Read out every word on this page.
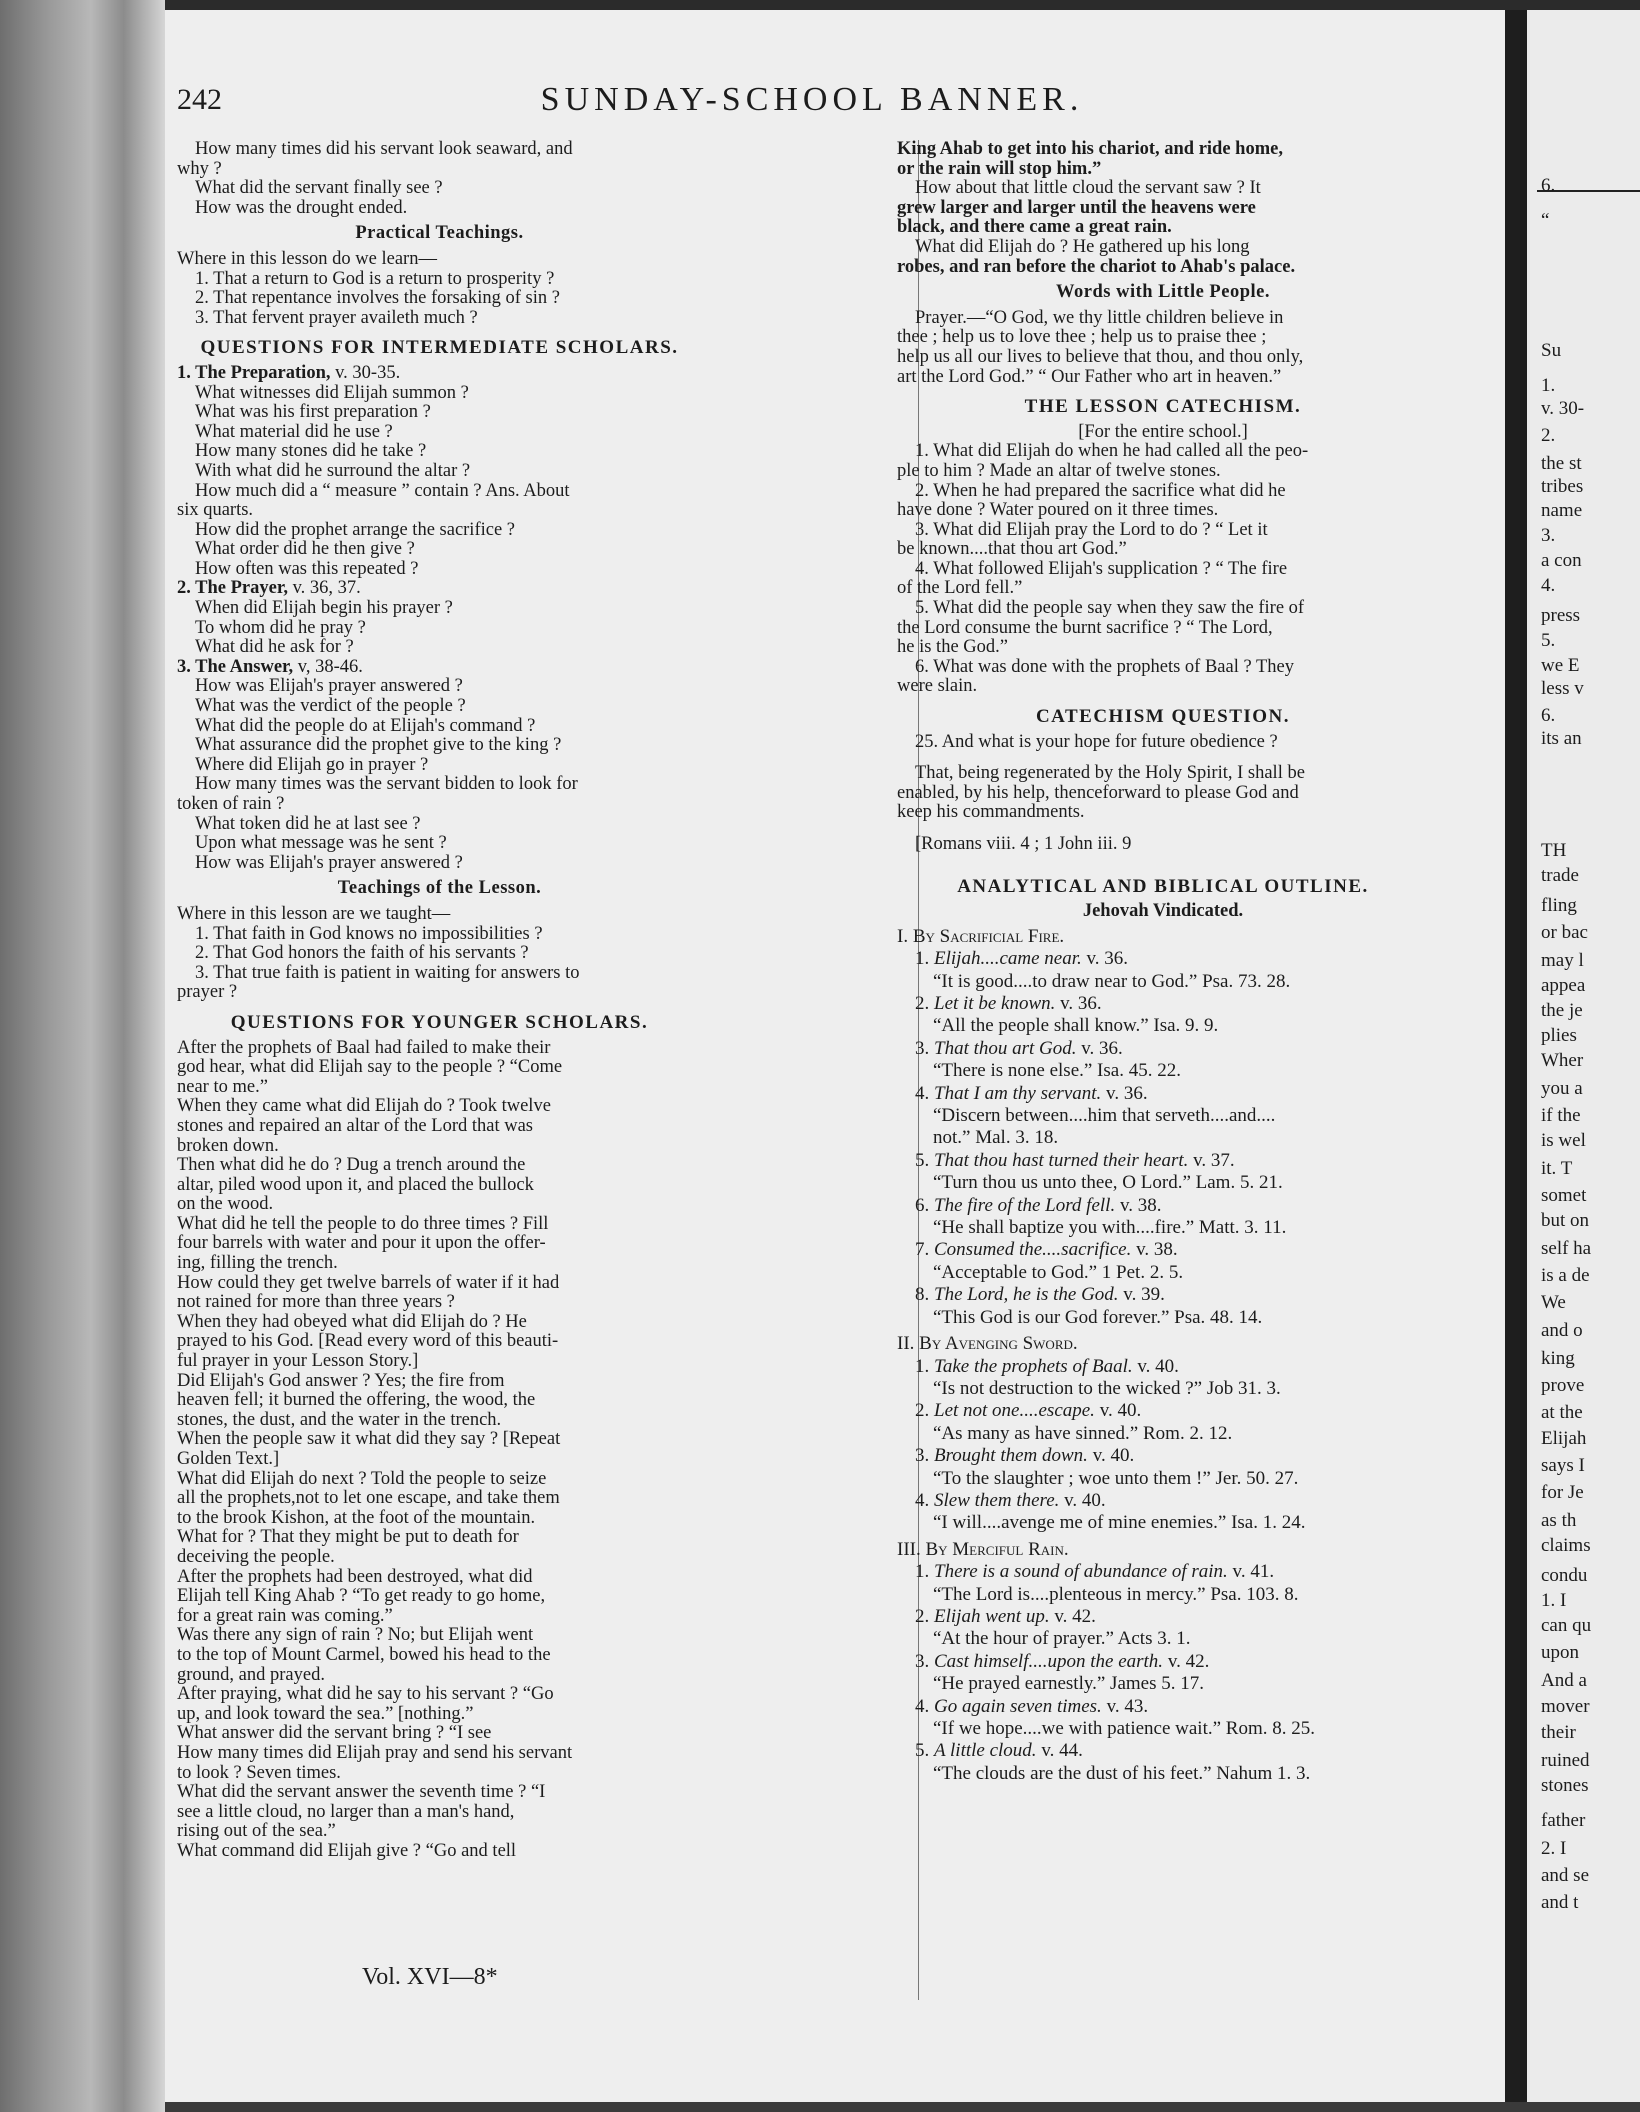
242	SUNDAY-SCHOOL BANNER.
How many times did his servant look seaward, and
why ?
What did the servant finally see ?
How was the drought ended.
Practical Teachings.
Where in this lesson do we learn—
1. That a return to God is a return to prosperity ?
2. That repentance involves the forsaking of sin ?
3. That fervent prayer availeth much ?
QUESTIONS FOR INTERMEDIATE SCHOLARS.
1. The Preparation, v. 30-35.
What witnesses did Elijah summon ?
What was his first preparation ?
What material did he use ?
How many stones did he take ?
With what did he surround the altar ?
How much did a “ measure ” contain ? Ans. About
six quarts.
How did the prophet arrange the sacrifice ?
What order did he then give ?
How often was this repeated ?
2. The Prayer, v. 36, 37.
When did Elijah begin his prayer ?
To whom did he pray ?
What did he ask for ?
3. The Answer, v, 38-46.
How was Elijah's prayer answered ?
What was the verdict of the people ?
What did the people do at Elijah's command ?
What assurance did the prophet give to the king ?
Where did Elijah go in prayer ?
How many times was the servant bidden to look for
token of rain ?
What token did he at last see ?
Upon what message was he sent ?
How was Elijah's prayer answered ?
Teachings of the Lesson.
Where in this lesson are we taught—
1. That faith in God knows no impossibilities ?
2. That God honors the faith of his servants ?
3. That true faith is patient in waiting for answers to
prayer ?
QUESTIONS FOR YOUNGER SCHOLARS.
After the prophets of Baal had failed to make their
god hear, what did Elijah say to the people ? “Come
near to me.”
When they came what did Elijah do ? Took twelve
stones and repaired an altar of the Lord that was
broken down.
Then what did he do ? Dug a trench around the
altar, piled wood upon it, and placed the bullock
on the wood.
What did he tell the people to do three times ? Fill
four barrels with water and pour it upon the offer-
ing, filling the trench.
How could they get twelve barrels of water if it had
not rained for more than three years ?
When they had obeyed what did Elijah do ? He
prayed to his God. [Read every word of this beauti-
ful prayer in your Lesson Story.]
Did Elijah's God answer ? Yes; the fire from
heaven fell; it burned the offering, the wood, the
stones, the dust, and the water in the trench.
When the people saw it what did they say ? [Repeat
Golden Text.]
What did Elijah do next ? Told the people to seize
all the prophets,not to let one escape, and take them
to the brook Kishon, at the foot of the mountain.
What for ? That they might be put to death for
deceiving the people.
After the prophets had been destroyed, what did
Elijah tell King Ahab ? “To get ready to go home,
for a great rain was coming.”
Was there any sign of rain ? No; but Elijah went
to the top of Mount Carmel, bowed his head to the
ground, and prayed.
After praying, what did he say to his servant ? “Go
up, and look toward the sea.” [nothing.”
What answer did the servant bring ? “I see
How many times did Elijah pray and send his servant
to look ? Seven times.
What did the servant answer the seventh time ? “I
see a little cloud, no larger than a man's hand,
rising out of the sea.”
What command did Elijah give ? “Go and tell
Vol. XVI—8*
King Ahab to get into his chariot, and ride home,
or the rain will stop him.”
How about that little cloud the servant saw ? It
grew larger and larger until the heavens were
black, and there came a great rain.
What did Elijah do ? He gathered up his long
robes, and ran before the chariot to Ahab's palace.
Words with Little People.
Prayer.—“O God, we thy little children believe in
thee ; help us to love thee ; help us to praise thee ;
help us all our lives to believe that thou, and thou only,
art the Lord God.” “ Our Father who art in heaven.”
THE LESSON CATECHISM.
[For the entire school.]
1. What did Elijah do when he had called all the peo-
ple to him ? Made an altar of twelve stones.
2. When he had prepared the sacrifice what did he
have done ? Water poured on it three times.
3. What did Elijah pray the Lord to do ? “ Let it
be known....that thou art God.”
4. What followed Elijah's supplication ? “ The fire
of the Lord fell.”
5. What did the people say when they saw the fire of
the Lord consume the burnt sacrifice ? “ The Lord,
he is the God.”
6. What was done with the prophets of Baal ? They
were slain.
CATECHISM QUESTION.
25. And what is your hope for future obedience ?
That, being regenerated by the Holy Spirit, I shall be
enabled, by his help, thenceforward to please God and
keep his commandments.
[Romans viii. 4 ; 1 John iii. 9
ANALYTICAL AND BIBLICAL OUTLINE.
Jehovah Vindicated.
I. By Sacrificial Fire.
1. Elijah....came near. v. 36.
“It is good....to draw near to God.” Psa. 73. 28.
2. Let it be known. v. 36.
“All the people shall know.” Isa. 9. 9.
3. That thou art God. v. 36.
“There is none else.” Isa. 45. 22.
4. That I am thy servant. v. 36.
“Discern between....him that serveth....and....
not.” Mal. 3. 18.
5. That thou hast turned their heart. v. 37.
“Turn thou us unto thee, O Lord.” Lam. 5. 21.
6. The fire of the Lord fell. v. 38.
“He shall baptize you with....fire.” Matt. 3. 11.
7. Consumed the....sacrifice. v. 38.
“Acceptable to God.” 1 Pet. 2. 5.
8. The Lord, he is the God. v. 39.
“This God is our God forever.” Psa. 48. 14.
II. By Avenging Sword.
1. Take the prophets of Baal. v. 40.
“Is not destruction to the wicked ?” Job 31. 3.
2. Let not one....escape. v. 40.
“As many as have sinned.” Rom. 2. 12.
3. Brought them down. v. 40.
“To the slaughter ; woe unto them !” Jer. 50. 27.
4. Slew them there. v. 40.
“I will....avenge me of mine enemies.” Isa. 1. 24.
III. By Merciful Rain.
1. There is a sound of abundance of rain. v. 41.
“The Lord is....plenteous in mercy.” Psa. 103. 8.
2. Elijah went up. v. 42.
“At the hour of prayer.” Acts 3. 1.
3. Cast himself....upon the earth. v. 42.
“He prayed earnestly.” James 5. 17.
4. Go again seven times. v. 43.
“If we hope....we with patience wait.” Rom. 8. 25.
5. A little cloud. v. 44.
“The clouds are the dust of his feet.” Nahum 1. 3.
6.
“
Su
1.
v. 30-
2.
the st
tribes
name
3.
a con
4.
press
5.
we E
less v
6.
its an
TH
trade
fling
or bac
may l
appea
the je
plies
Wher
you a
if the
is wel
it. T
somet
but on
self ha
is a de
We
and o
king
prove
at the
Elijah
says I
for Je
as th
claims
condu
1. I
can qu
upon
And a
mover
their
ruined
stones
father
2. I
and se
and t
